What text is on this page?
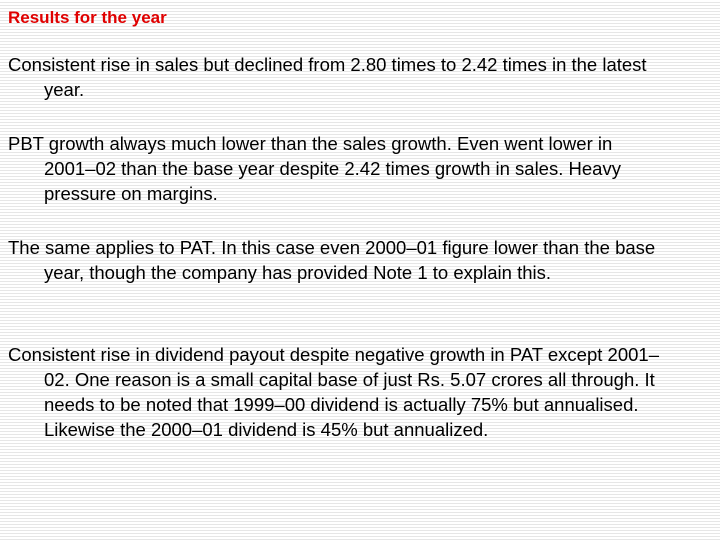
Results for the year
Consistent rise in sales but declined from 2.80 times to 2.42 times in the latest year.
PBT growth always much lower than the sales growth. Even went lower in 2001–02 than the base year despite 2.42 times growth in sales. Heavy pressure on margins.
The same applies to PAT. In this case even 2000–01 figure lower than the base year, though the company has provided Note 1 to explain this.
Consistent rise in dividend payout despite negative growth in PAT except 2001–02. One reason is a small capital base of just Rs. 5.07 crores all through. It needs to be noted that 1999–00 dividend is actually 75% but annualised. Likewise the 2000–01 dividend is 45% but annualized.
